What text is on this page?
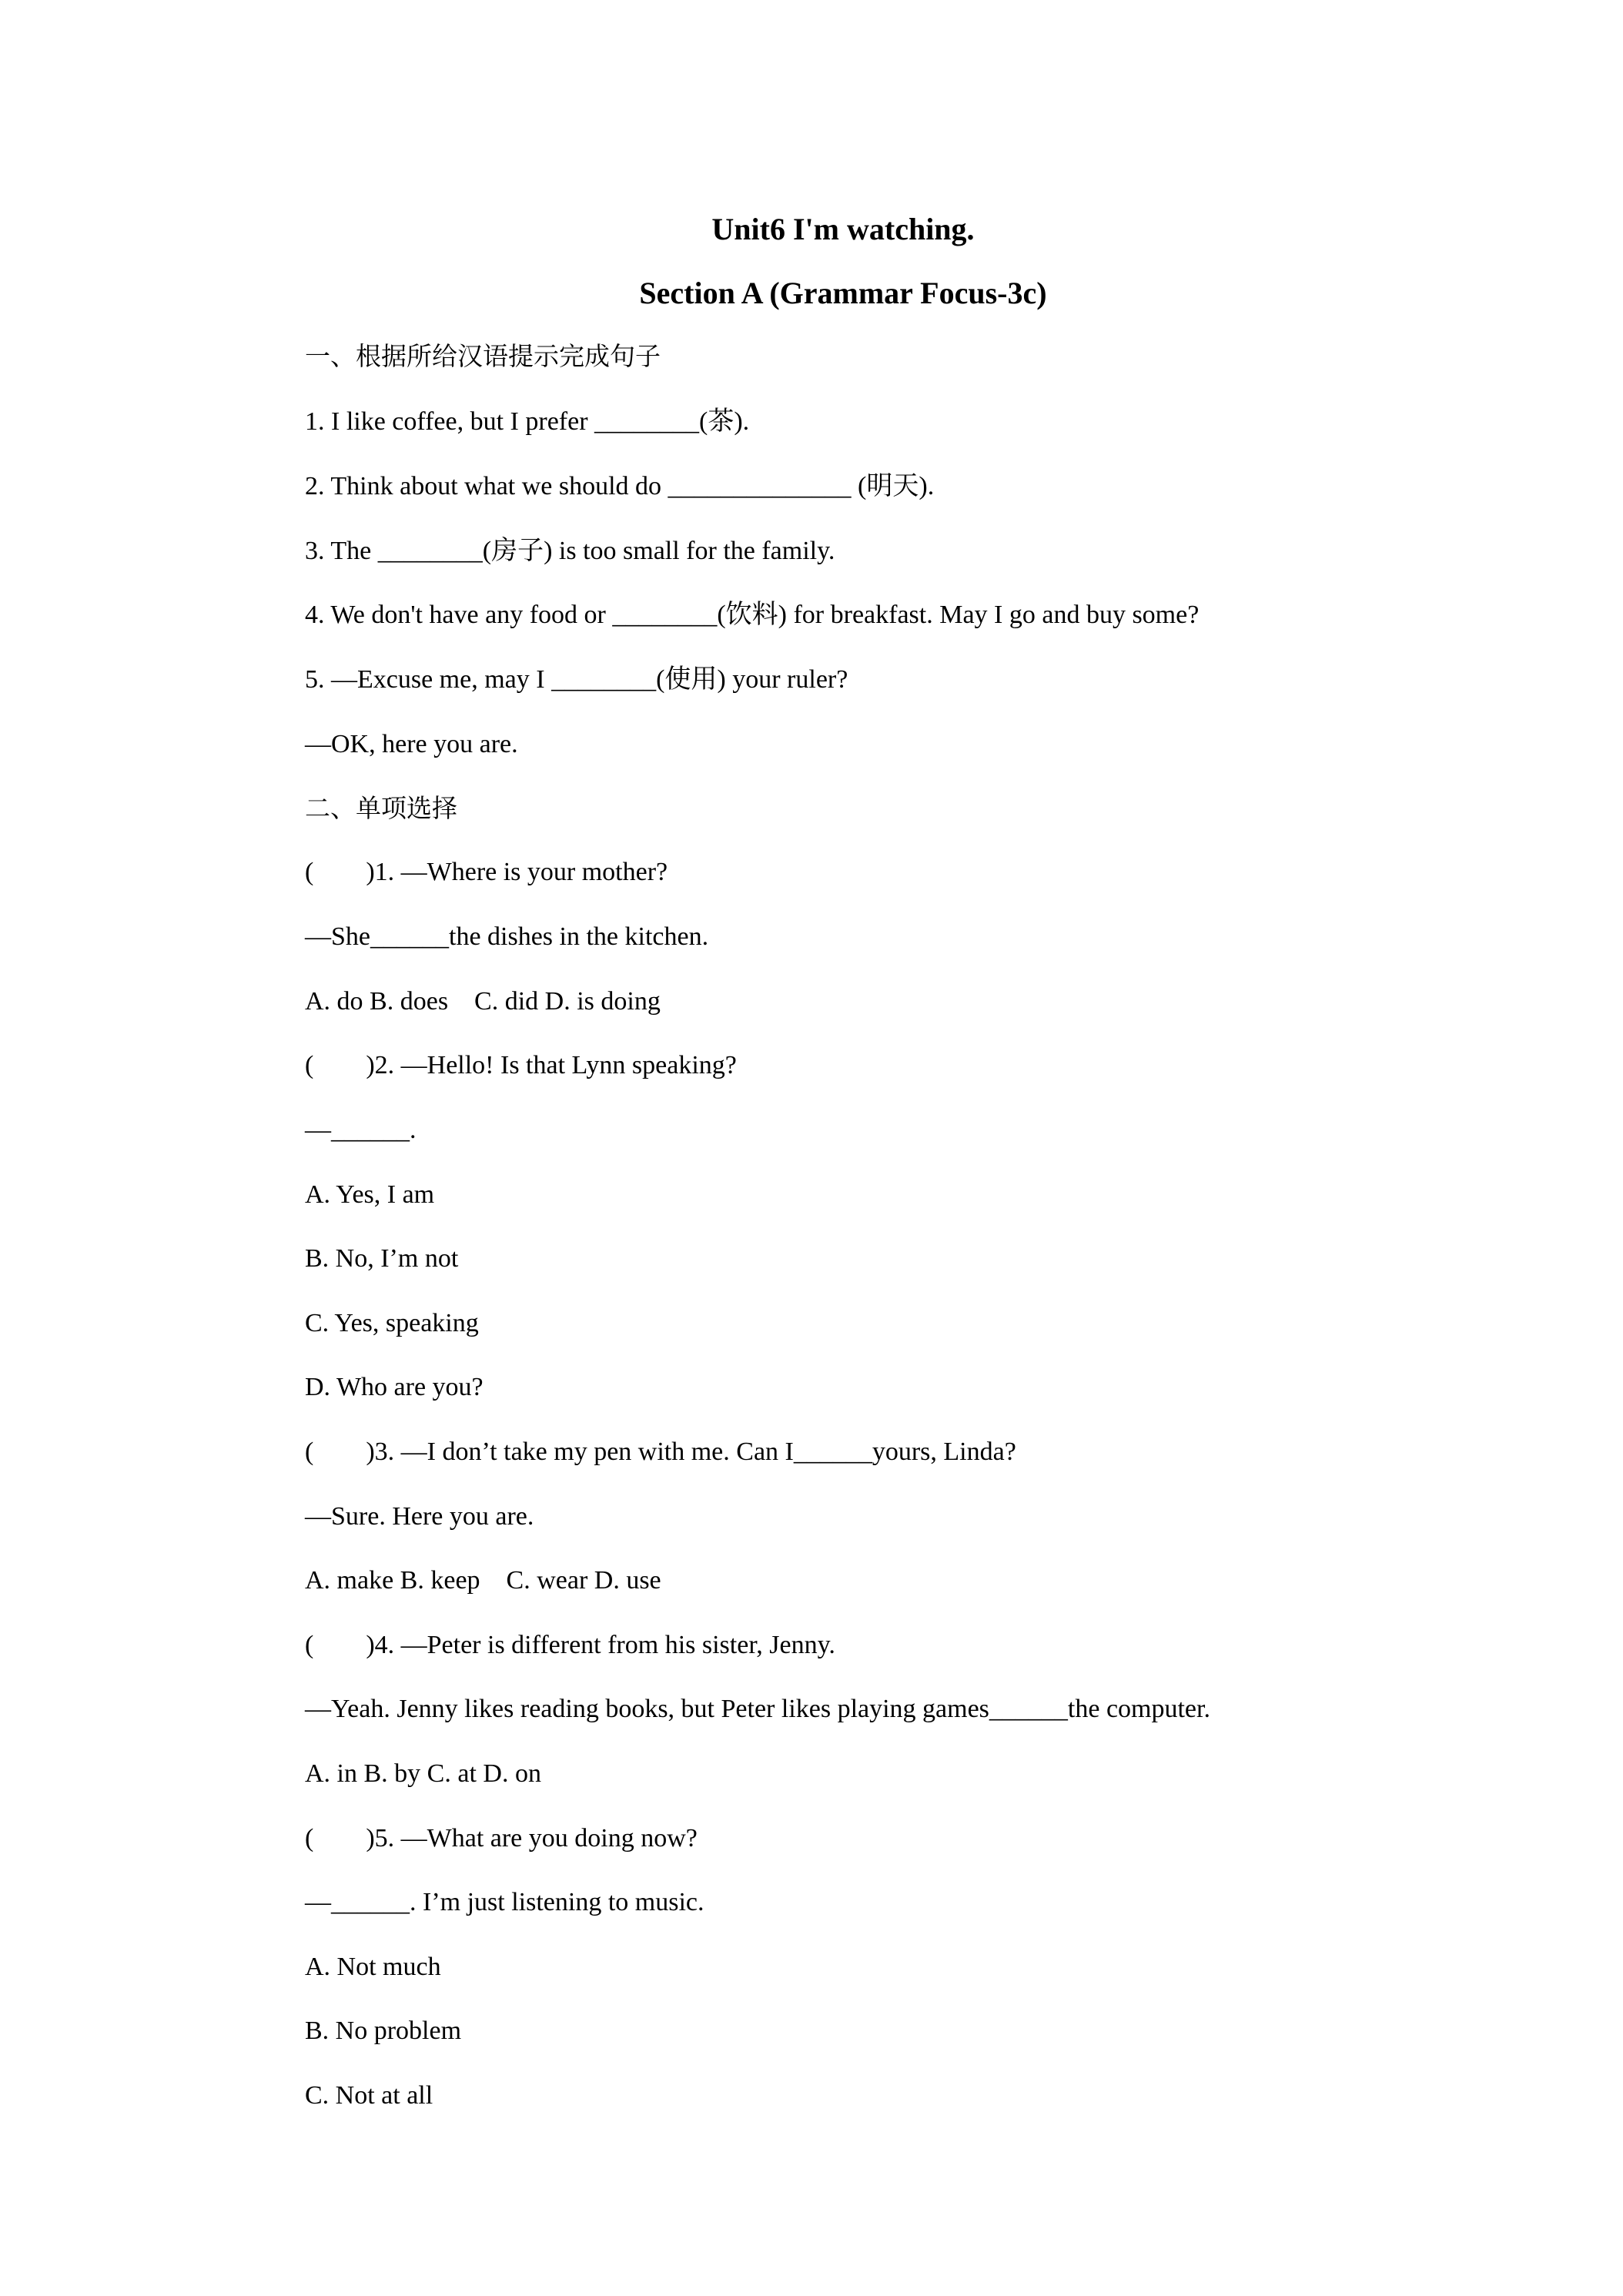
Unit6 I'm watching.
Section A (Grammar Focus-3c)
一、根据所给汉语提示完成句子
1. I like coffee, but I prefer ________(茶).
2. Think about what we should do ______________ (明天).
3. The ________(房子) is too small for the family.
4. We don't have any food or ________(饮料) for breakfast. May I go and buy some?
5. —Excuse me, may I ________(使用) your ruler?
—OK, here you are.
二、单项选择
(        )1. —Where is your mother?
—She______the dishes in the kitchen.
A. do B. does    C. did D. is doing
(        )2. —Hello! Is that Lynn speaking?
—______.
A. Yes, I am
B. No, I’m not
C. Yes, speaking
D. Who are you?
(        )3. —I don’t take my pen with me. Can I______yours, Linda?
—Sure. Here you are.
A. make B. keep    C. wear D. use
(        )4. —Peter is different from his sister, Jenny.
—Yeah. Jenny likes reading books, but Peter likes playing games______the computer.
A. in B. by C. at D. on
(        )5. —What are you doing now?
—______. I’m just listening to music.
A. Not much
B. No problem
C. Not at all
